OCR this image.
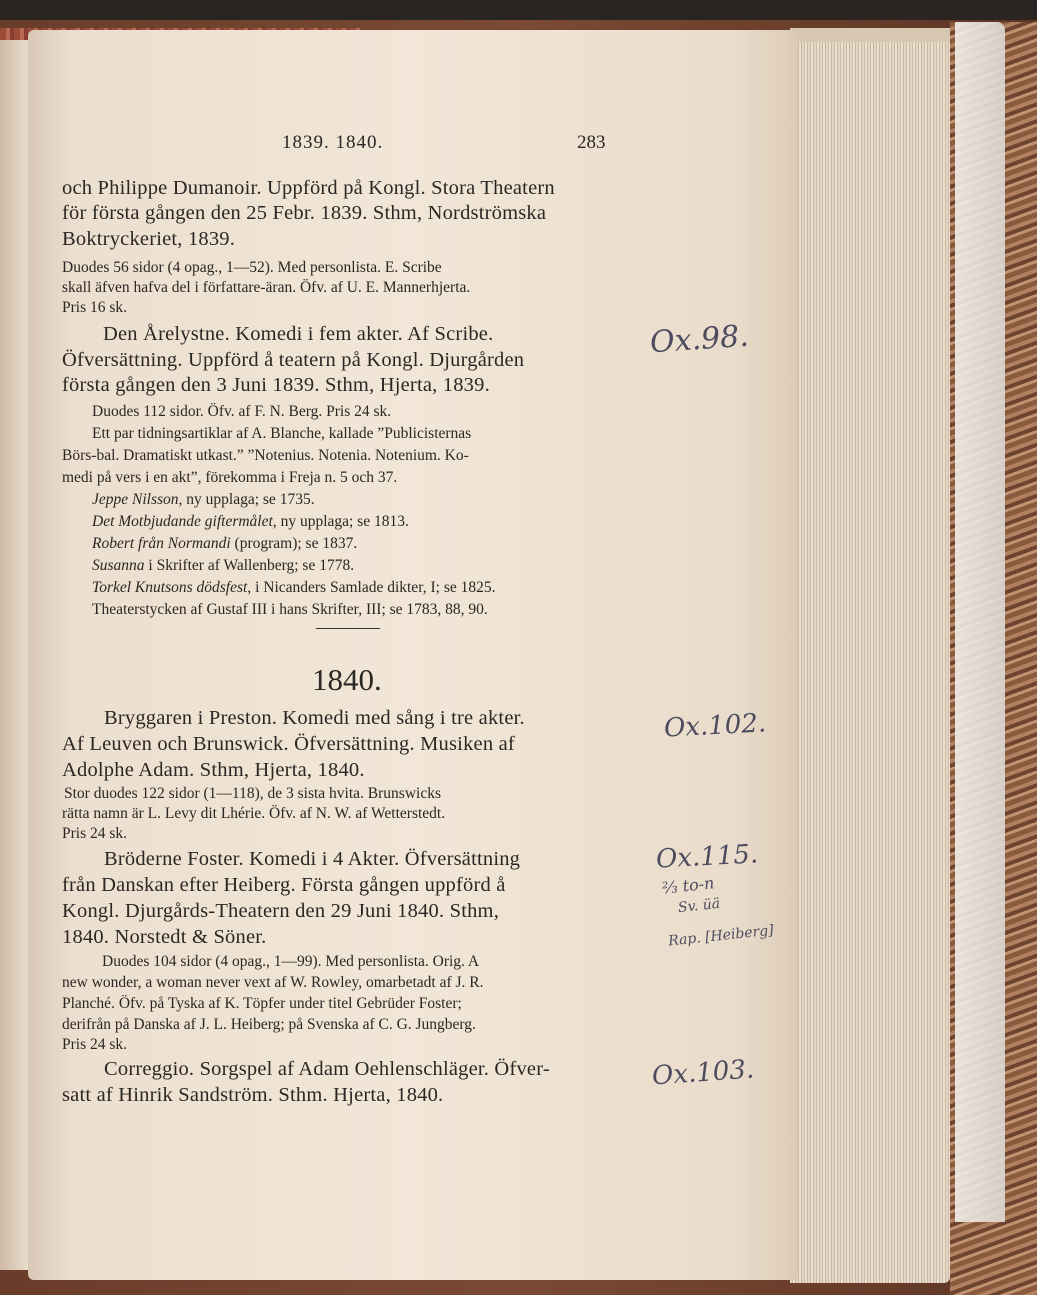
1839. 1840.	283
och Philippe Dumanoir. Uppförd på Kongl. Stora Theatern
för första gången den 25 Febr. 1839. Sthm, Nordströmska
Boktryckeriet, 1839.
Duodes 56 sidor (4 opag., 1—52). Med personlista. E. Scribe
skall äfven hafva del i författare-äran. Öfv. af U. E. Mannerhjerta.
Pris 16 sk.
Den Årelystne. Komedi i fem akter. Af Scribe.
Öfversättning. Uppförd å teatern på Kongl. Djurgården
första gången den 3 Juni 1839. Sthm, Hjerta, 1839.
Duodes 112 sidor. Öfv. af F. N. Berg. Pris 24 sk.
Ett par tidningsartiklar af A. Blanche, kallade ”Publicisternas
Börs-bal. Dramatiskt utkast.” ”Notenius. Notenia. Notenium. Ko-
medi på vers i en akt”, förekomma i Freja n. 5 och 37.
Jeppe Nilsson, ny upplaga; se 1735.
Det Motbjudande giftermålet, ny upplaga; se 1813.
Robert från Normandi (program); se 1837.
Susanna i Skrifter af Wallenberg; se 1778.
Torkel Knutsons dödsfest, i Nicanders Samlade dikter, I; se 1825.
Theaterstycken af Gustaf III i hans Skrifter, III; se 1783, 88, 90.
1840.
Bryggaren i Preston. Komedi med sång i tre akter.
Af Leuven och Brunswick. Öfversättning. Musiken af
Adolphe Adam. Sthm, Hjerta, 1840.
Stor duodes 122 sidor (1—118), de 3 sista hvita. Brunswicks
rätta namn är L. Levy dit Lhérie. Öfv. af N. W. af Wetterstedt.
Pris 24 sk.
Bröderne Foster. Komedi i 4 Akter. Öfversättning
från Danskan efter Heiberg. Första gången uppförd å
Kongl. Djurgårds-Theatern den 29 Juni 1840. Sthm,
1840. Norstedt & Söner.
Duodes 104 sidor (4 opag., 1—99). Med personlista. Orig. A
new wonder, a woman never vext af W. Rowley, omarbetadt af J. R.
Planché. Öfv. på Tyska af K. Töpfer under titel Gebrüder Foster;
derifrån på Danska af J. L. Heiberg; på Svenska af C. G. Jungberg.
Pris 24 sk.
Correggio. Sorgspel af Adam Oehlenschläger. Öfver-
satt af Hinrik Sandström. Sthm. Hjerta, 1840.
Ox.98.
Ox.102.
Ox.115.
⅔ to-n
Sv. üä
Rap. [Heiberg]
Ox.103.
